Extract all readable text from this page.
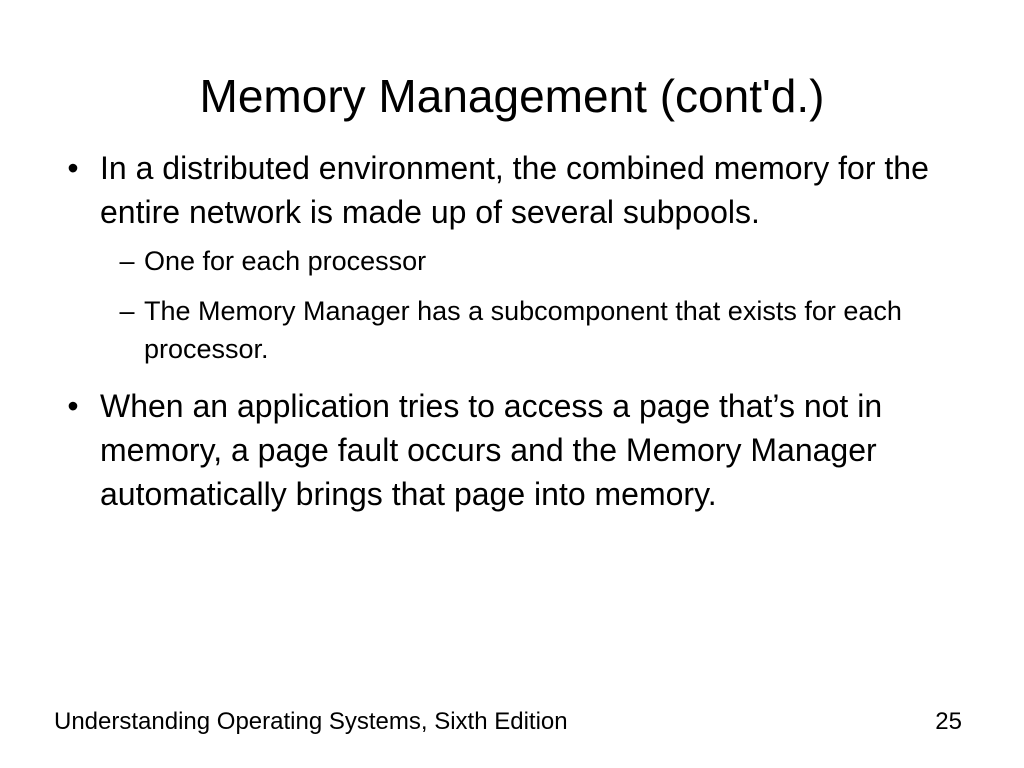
Memory Management (cont'd.)
• In a distributed environment, the combined memory for the entire network is made up of several subpools.
– One for each processor
– The Memory Manager has a subcomponent that exists for each processor.
• When an application tries to access a page that’s not in memory, a page fault occurs and the Memory Manager automatically brings that page into memory.
Understanding Operating Systems, Sixth Edition	25
